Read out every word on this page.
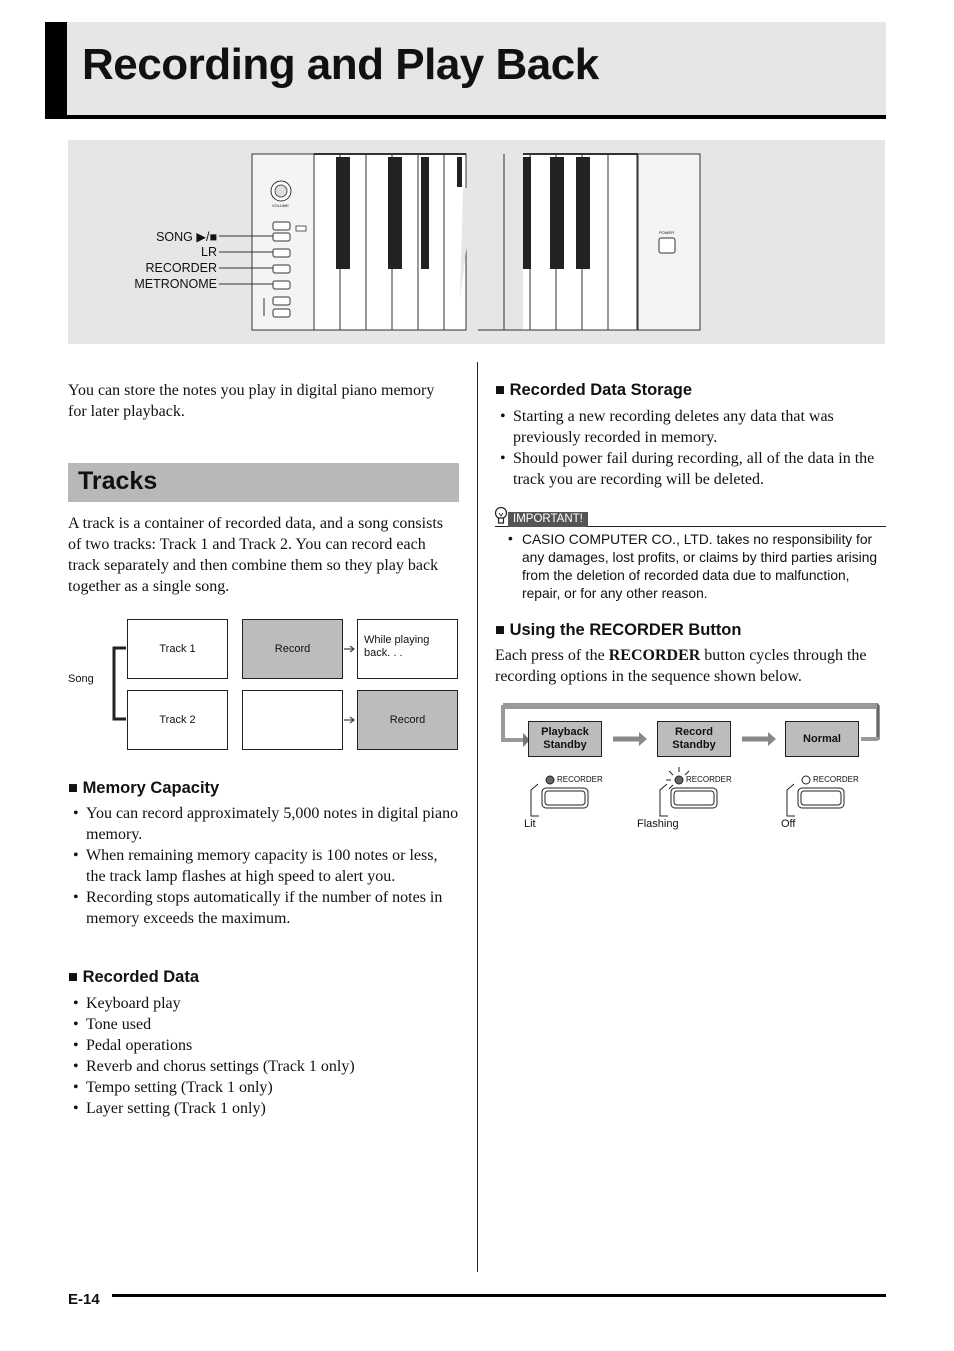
Recording and Play Back
SONG ▶/■
LR
RECORDER
METRONOME
VOLUME
POWER
You can store the notes you play in digital piano memory for later playback.
Tracks
A track is a container of recorded data, and a song consists of two tracks: Track 1 and Track 2. You can record each track separately and then combine them so they play back together as a single song.
Song
Track 1	Record
While playing back. . .
Track 2	Record
■ Memory Capacity
• You can record approximately 5,000 notes in digital piano memory.
• When remaining memory capacity is 100 notes or less, the track lamp flashes at high speed to alert you.
• Recording stops automatically if the number of notes in memory exceeds the maximum.
■ Recorded Data
• Keyboard play
• Tone used
• Pedal operations
• Reverb and chorus settings (Track 1 only)
• Tempo setting (Track 1 only)
• Layer setting (Track 1 only)
■ Recorded Data Storage
• Starting a new recording deletes any data that was previously recorded in memory.
• Should power fail during recording, all of the data in the track you are recording will be deleted.
IMPORTANT!
• CASIO COMPUTER CO., LTD. takes no responsibility for any damages, lost profits, or claims by third parties arising from the deletion of recorded data due to malfunction, repair, or for any other reason.
■ Using the RECORDER Button
Each press of the RECORDER button cycles through the recording options in the sequence shown below.
Playback Standby
Record Standby
Normal
RECORDER
Lit
RECORDER
Flashing
RECORDER
Off
E-14
